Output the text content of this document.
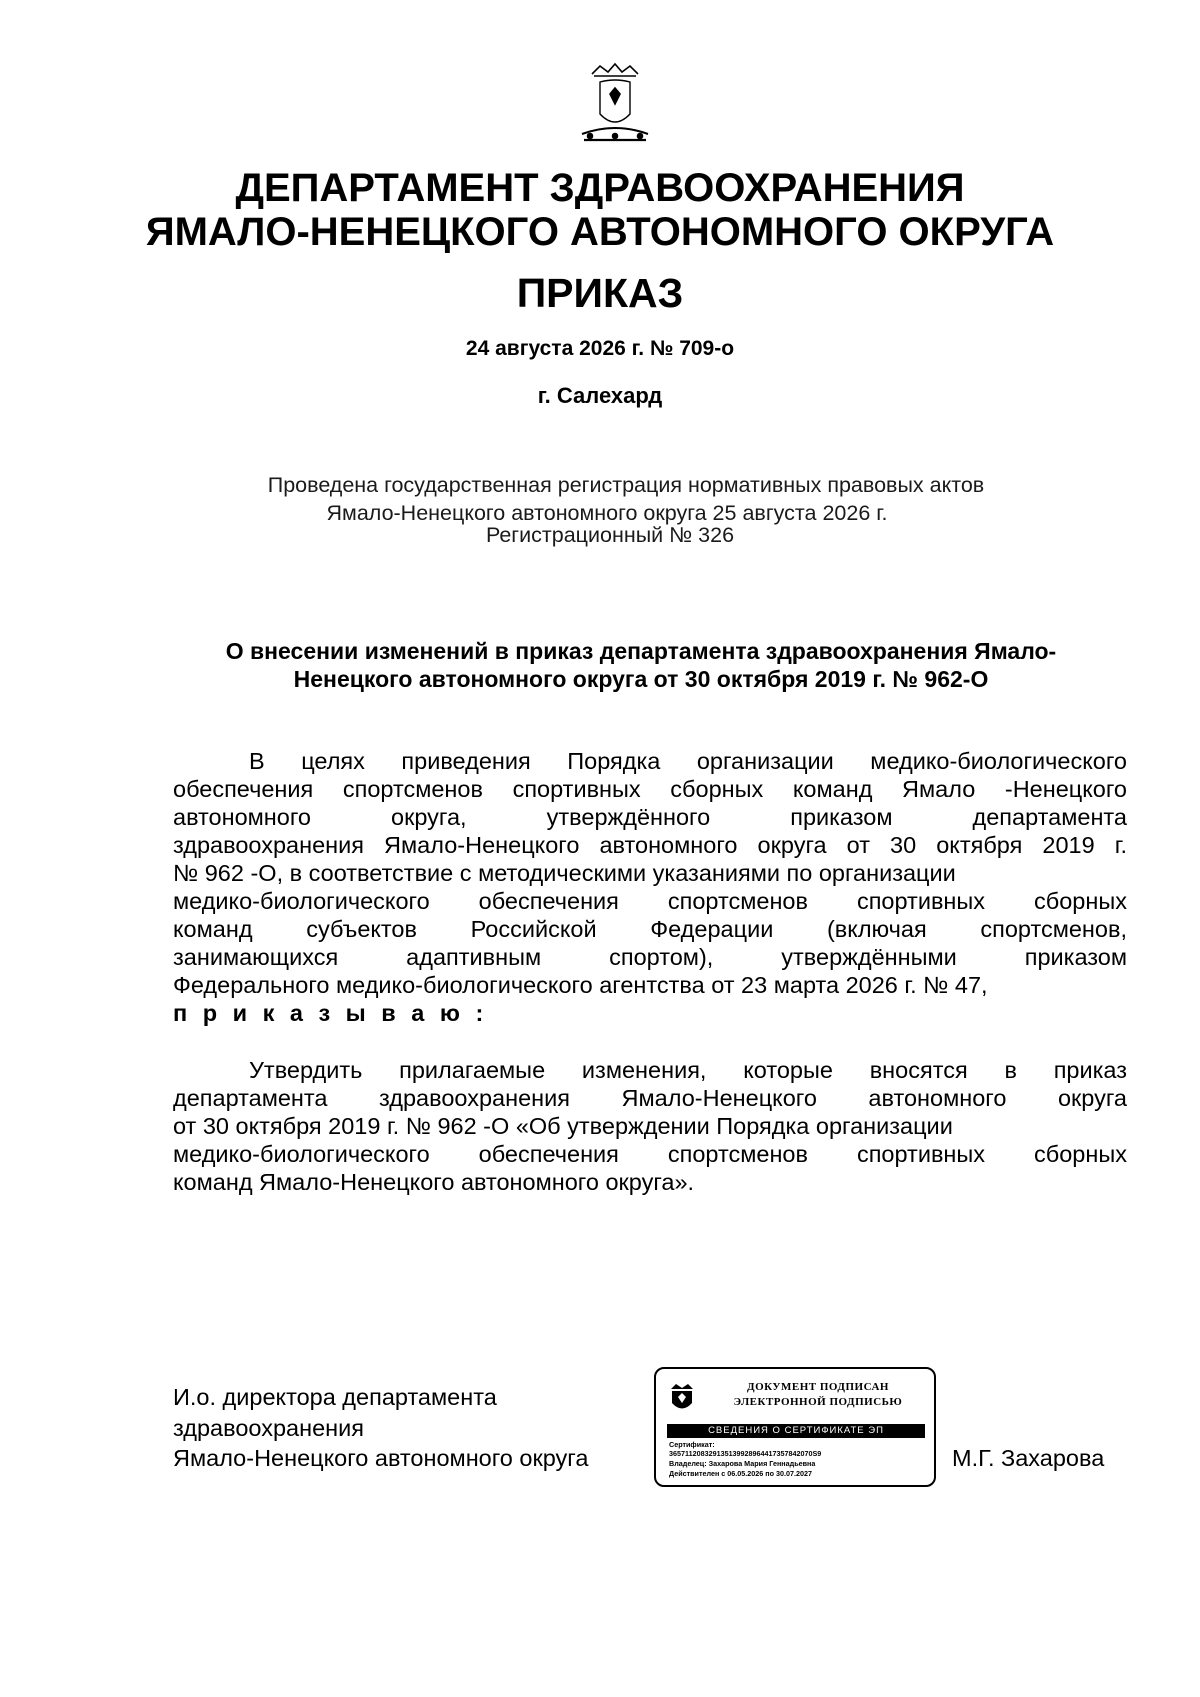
ДЕПАРТАМЕНТ ЗДРАВООХРАНЕНИЯ
ЯМАЛО-НЕНЕЦКОГО АВТОНОМНОГО ОКРУГА
ПРИКАЗ
24 августа 2026 г. № 709-о
г. Салехард
Проведена государственная регистрация нормативных правовых актов
Ямало-Ненецкого автономного округа 25 августа 2026 г.
Регистрационный № 326
О внесении изменений в приказ департамента здравоохранения Ямало-
Ненецкого автономного округа от 30 октября 2019 г. № 962-О
В целях приведения Порядка организации медико-биологического
обеспечения спортсменов спортивных сборных команд Ямало -Ненецкого
автономного округа, утверждённого приказом департамента
здравоохранения Ямало-Ненецкого автономного округа от 30 октября 2019 г.
№ 962 -О, в соответствие с методическими указаниями по организации
медико-биологического обеспечения спортсменов спортивных сборных
команд субъектов Российской Федерации (включая спортсменов,
занимающихся адаптивным спортом), утверждёнными приказом
Федерального медико-биологического агентства от 23 марта 2026 г. № 47,
п р и к а з ы в а ю :
Утвердить прилагаемые изменения, которые вносятся в приказ
департамента здравоохранения Ямало-Ненецкого автономного округа
от 30 октября 2019 г. № 962 -О «Об утверждении Порядка организации
медико-биологического обеспечения спортсменов спортивных сборных
команд Ямало-Ненецкого автономного округа».
И.о. директора департамента
здравоохранения
Ямало-Ненецкого автономного округа	М.Г. Захарова
ДОКУМЕНТ ПОДПИСАН
ЭЛЕКТРОННОЙ ПОДПИСЬЮ
СВЕДЕНИЯ О СЕРТИФИКАТЕ ЭП
Сертификат:
365711208329135139928964417357842070S9
Владелец: Захарова Мария Геннадьевна
Действителен с 06.05.2026 по 30.07.2027
